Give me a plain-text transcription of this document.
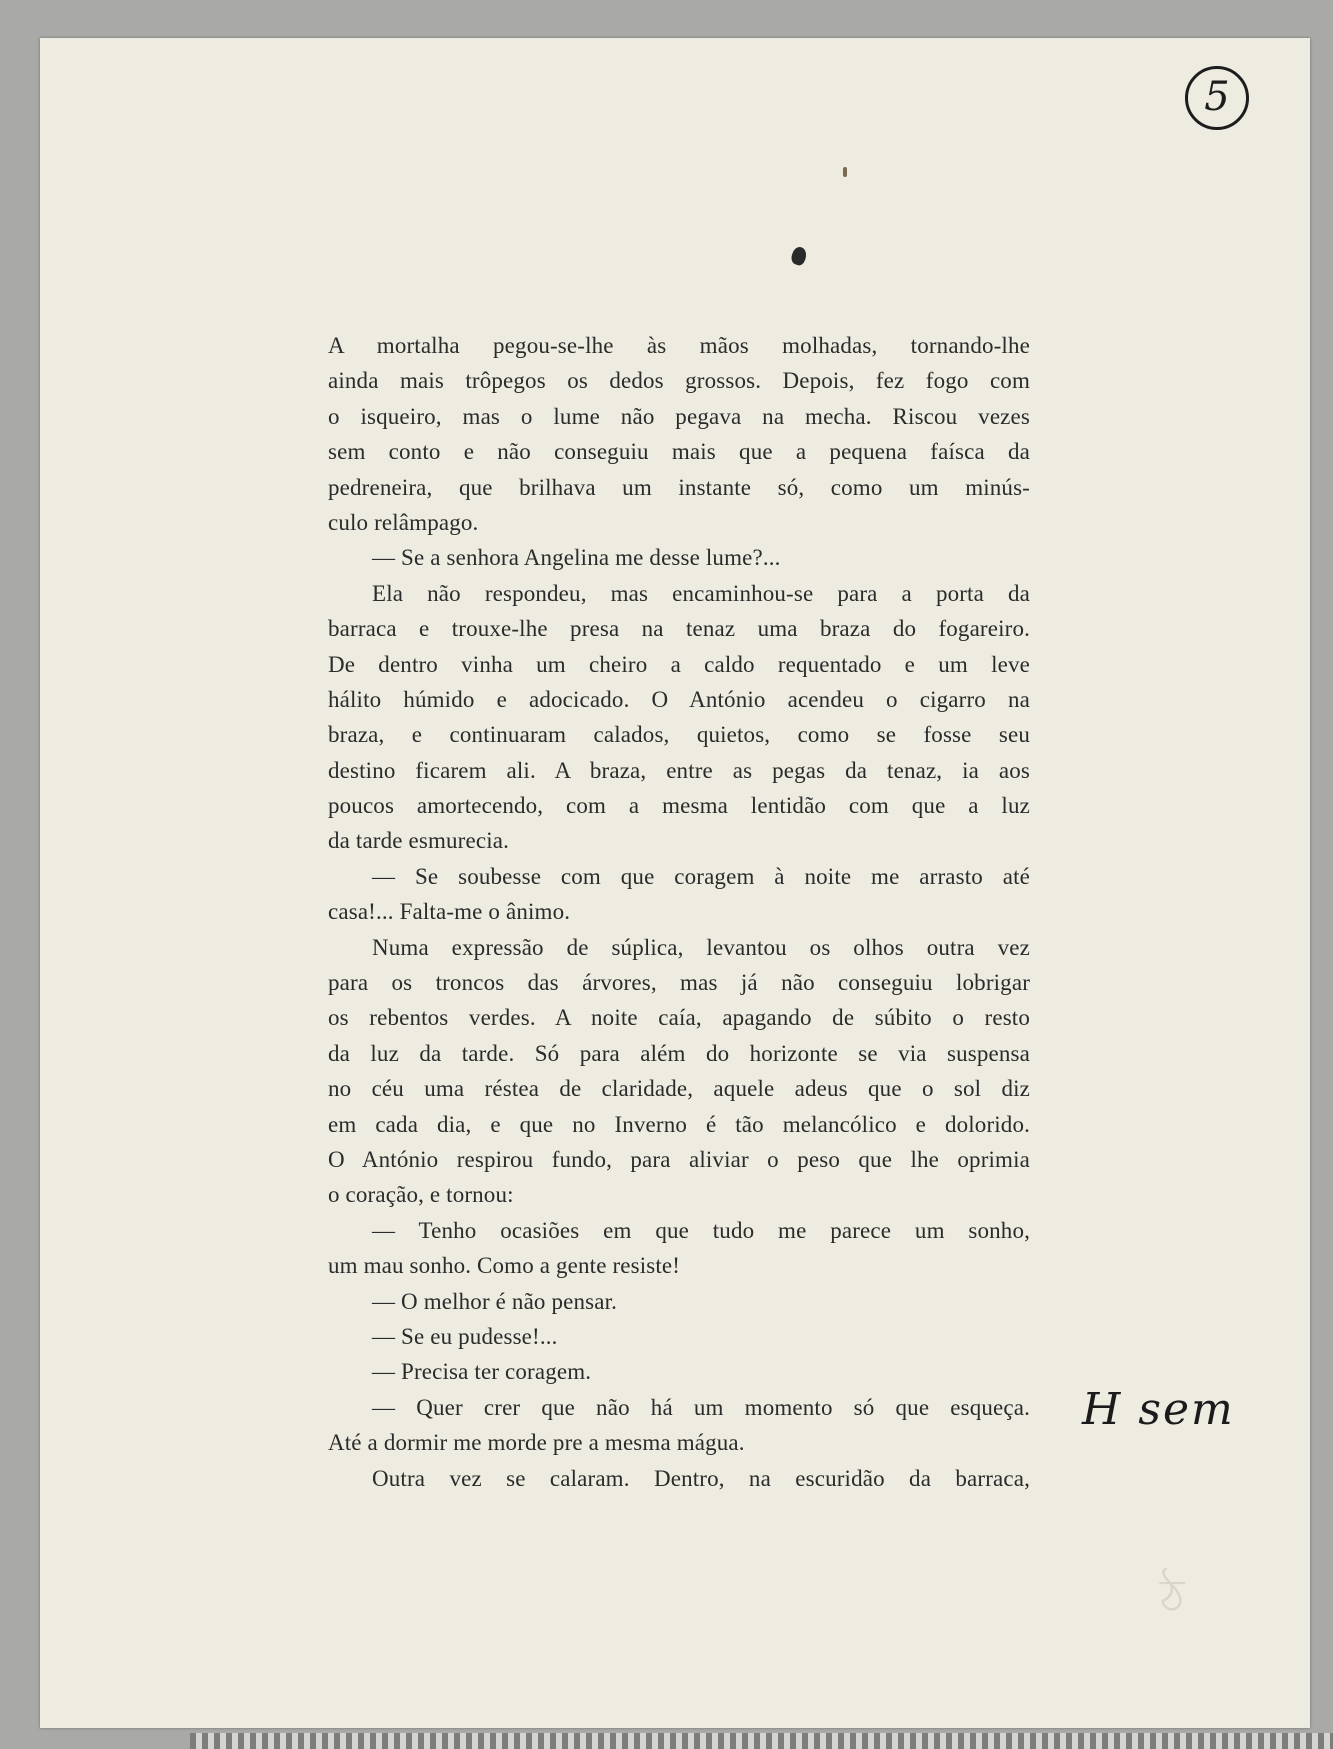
5
A mortalha pegou-se-lhe às mãos molhadas, tornando-lhe
ainda mais trôpegos os dedos grossos. Depois, fez fogo com
o isqueiro, mas o lume não pegava na mecha. Riscou vezes
sem conto e não conseguiu mais que a pequena faísca da
pedreneira, que brilhava um instante só, como um minús-
culo relâmpago.
— Se a senhora Angelina me desse lume?...
Ela não respondeu, mas encaminhou-se para a porta da
barraca e trouxe-lhe presa na tenaz uma braza do fogareiro.
De dentro vinha um cheiro a caldo requentado e um leve
hálito húmido e adocicado. O António acendeu o cigarro na
braza, e continuaram calados, quietos, como se fosse seu
destino ficarem ali. A braza, entre as pegas da tenaz, ia aos
poucos amortecendo, com a mesma lentidão com que a luz
da tarde esmurecia.
— Se soubesse com que coragem à noite me arrasto até
casa!... Falta-me o ânimo.
Numa expressão de súplica, levantou os olhos outra vez
para os troncos das árvores, mas já não conseguiu lobrigar
os rebentos verdes. A noite caía, apagando de súbito o resto
da luz da tarde. Só para além do horizonte se via suspensa
no céu uma réstea de claridade, aquele adeus que o sol diz
em cada dia, e que no Inverno é tão melancólico e dolorido.
O António respirou fundo, para aliviar o peso que lhe oprimia
o coração, e tornou:
— Tenho ocasiões em que tudo me parece um sonho,
um mau sonho. Como a gente resiste!
— O melhor é não pensar.
— Se eu pudesse!...
— Precisa ter coragem.
— Quer crer que não há um momento só que esqueça.
Até a dormir me morde pre a mesma mágua.
Outra vez se calaram. Dentro, na escuridão da barraca,
H sem
ঠ
